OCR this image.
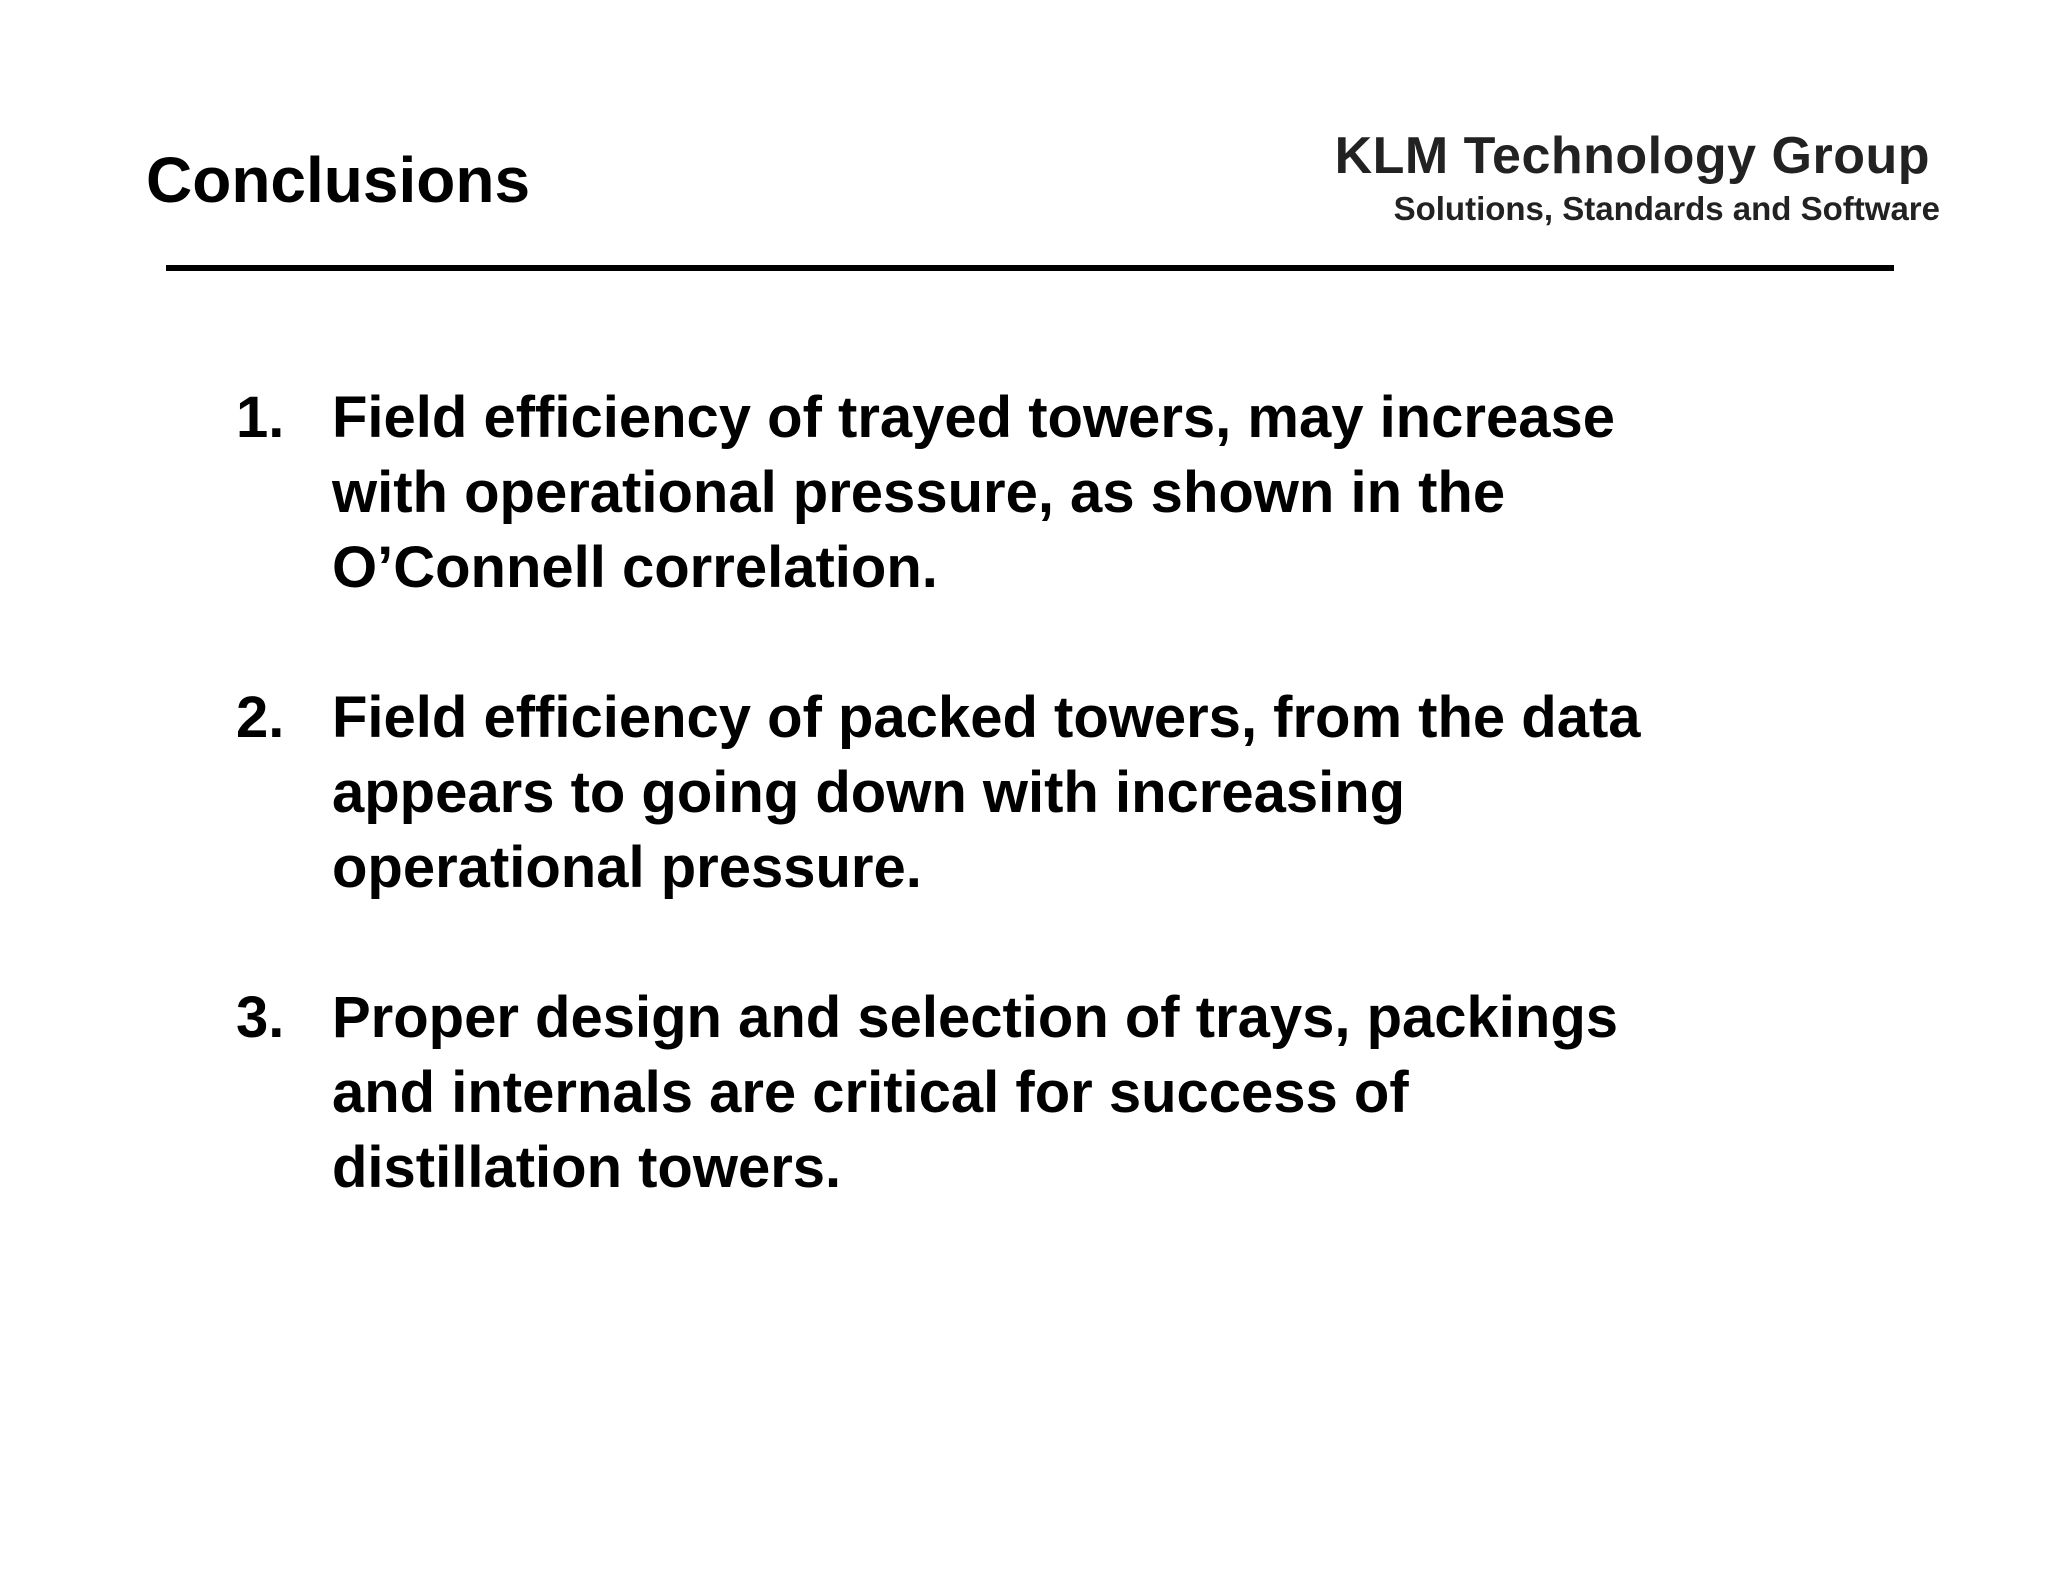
Conclusions	KLM Technology Group
Solutions, Standards and Software
1. Field efficiency of trayed towers, may increase
with operational pressure, as shown in the
O’Connell correlation.
2. Field efficiency of packed towers, from the data
appears to going down with increasing
operational pressure.
3. Proper design and selection of trays, packings
and internals are critical for success of
distillation towers.
